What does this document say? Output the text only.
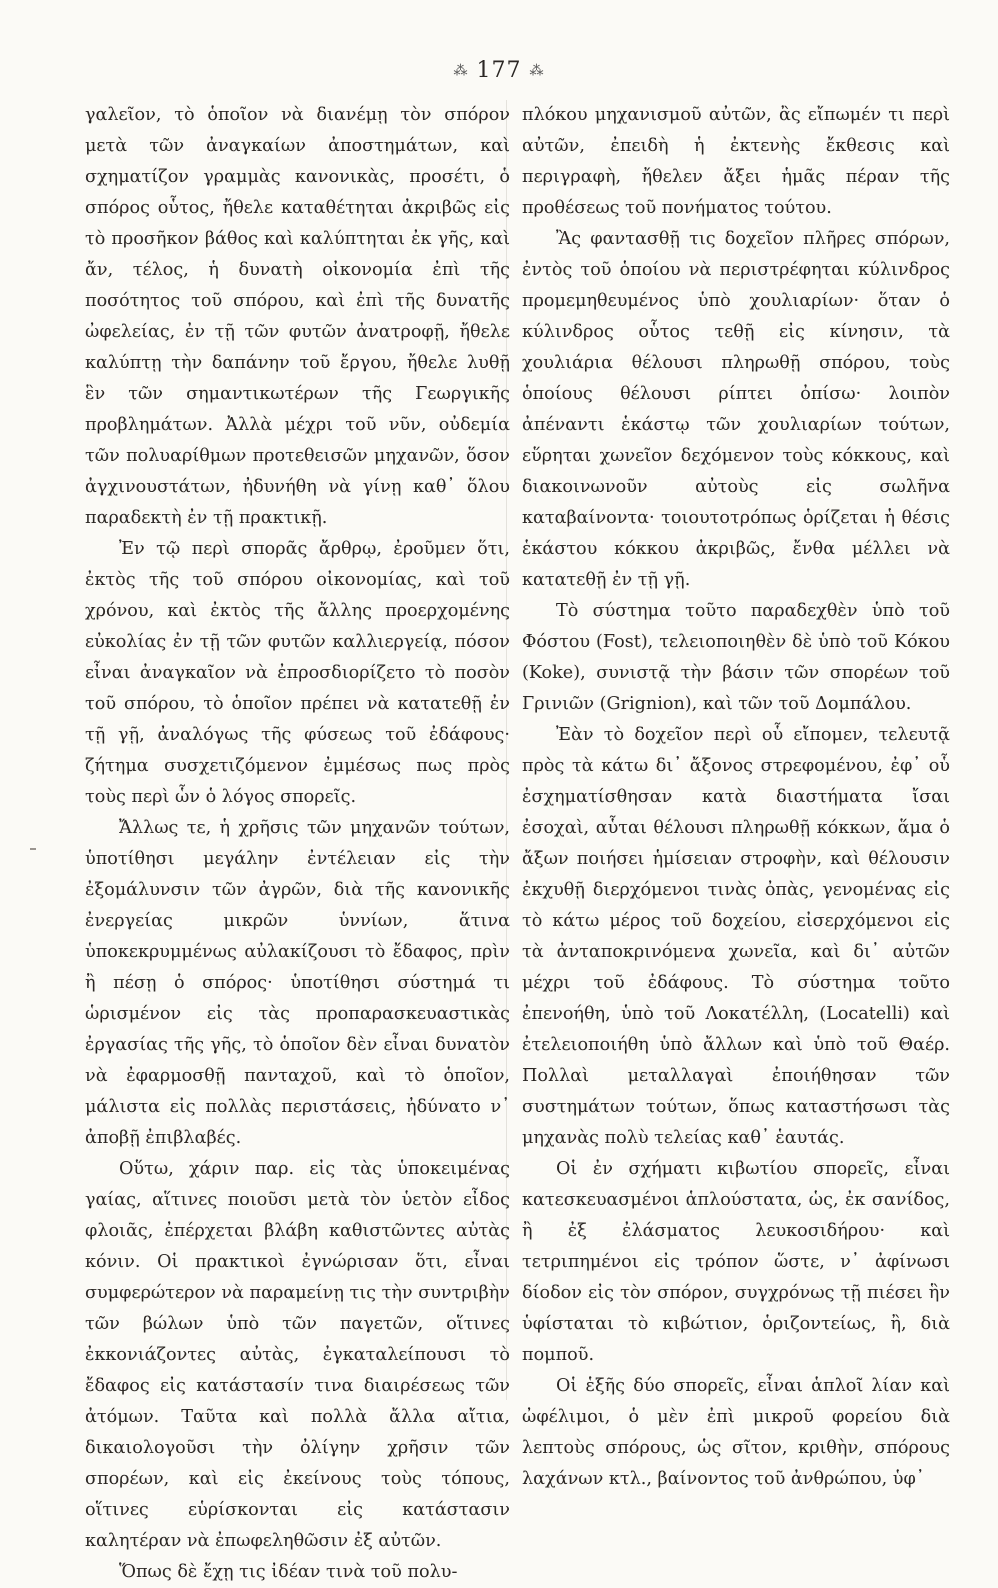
⁂ 177 ⁂

γαλεῖον, τὸ ὁποῖον νὰ διανέμῃ τὸν σπόρον μετὰ τῶν ἀναγκαίων ἀποστημάτων, καὶ σχηματίζον γραμμὰς κανονικὰς, προσέτι, ὁ σπόρος οὗτος, ἤθελε καταθέτηται ἀκριβῶς εἰς τὸ προσῆκον βάθος καὶ καλύπτηται ἐκ γῆς, καὶ ἄν, τέλος, ἡ δυνατὴ οἰκονομία ἐπὶ τῆς ποσότητος τοῦ σπόρου, καὶ ἐπὶ τῆς δυνατῆς ὠφελείας, ἐν τῇ τῶν φυτῶν ἀνατροφῇ, ἤθελε καλύπτῃ τὴν δαπάνην τοῦ ἔργου, ἤθελε λυθῇ ἓν τῶν σημαντικωτέρων τῆς Γεωργικῆς προβλημάτων. Ἀλλὰ μέχρι τοῦ νῦν, οὐδεμία τῶν πολυαρίθμων προτεθεισῶν μηχανῶν, ὅσον ἀγχινουστάτων, ἠδυνήθη νὰ γίνῃ καθ᾿ ὅλου παραδεκτὴ ἐν τῇ πρακτικῇ.

Ἐν τῷ περὶ σπορᾶς ἄρθρῳ, ἐροῦμεν ὅτι, ἐκτὸς τῆς τοῦ σπόρου οἰκονομίας, καὶ τοῦ χρόνου, καὶ ἐκτὸς τῆς ἄλλης προερχομένης εὐκολίας ἐν τῇ τῶν φυτῶν καλλιεργείᾳ, πόσον εἶναι ἀναγκαῖον νὰ ἐπροσδιορίζετο τὸ ποσὸν τοῦ σπόρου, τὸ ὁποῖον πρέπει νὰ κατατεθῇ ἐν τῇ γῇ, ἀναλόγως τῆς φύσεως τοῦ ἐδάφους· ζήτημα συσχετιζόμενον ἐμμέσως πως πρὸς τοὺς περὶ ὧν ὁ λόγος σπορεῖς.

Ἄλλως τε, ἡ χρῆσις τῶν μηχανῶν τούτων, ὑποτίθησι μεγάλην ἐντέλειαν εἰς τὴν ἐξομάλυνσιν τῶν ἀγρῶν, διὰ τῆς κανονικῆς ἐνεργείας μικρῶν ὑννίων, ἅτινα ὑποκεκρυμμένως αὐλακίζουσι τὸ ἔδαφος, πρὶν ἢ πέσῃ ὁ σπόρος· ὑποτίθησι σύστημά τι ὡρισμένον εἰς τὰς προπαρασκευαστικὰς ἐργασίας τῆς γῆς, τὸ ὁποῖον δὲν εἶναι δυνατὸν νὰ ἐφαρμοσθῇ πανταχοῦ, καὶ τὸ ὁποῖον, μάλιστα εἰς πολλὰς περιστάσεις, ἠδύνατο ν᾿ ἀποβῇ ἐπιβλαβές.

Οὕτω, χάριν παρ. εἰς τὰς ὑποκειμένας γαίας, αἵτινες ποιοῦσι μετὰ τὸν ὑετὸν εἶδος φλοιᾶς, ἐπέρχεται βλάβη καθιστῶντες αὐτὰς κόνιν. Οἱ πρακτικοὶ ἐγνώρισαν ὅτι, εἶναι συμφερώτερον νὰ παραμείνῃ τις τὴν συντριβὴν τῶν βώλων ὑπὸ τῶν παγετῶν, οἵτινες ἐκκονιάζοντες αὐτὰς, ἐγκαταλείπουσι τὸ ἔδαφος εἰς κατάστασίν τινα διαιρέσεως τῶν ἀτόμων. Ταῦτα καὶ πολλὰ ἄλλα αἴτια, δικαιολογοῦσι τὴν ὀλίγην χρῆσιν τῶν σπορέων, καὶ εἰς ἐκείνους τοὺς τόπους, οἵτινες εὑρίσκονται εἰς κατάστασιν καλητέραν νὰ ἐπωφεληθῶσιν ἐξ αὐτῶν.

Ὅπως δὲ ἔχῃ τις ἰδέαν τινὰ τοῦ πολυ-

πλόκου μηχανισμοῦ αὐτῶν, ἂς εἴπωμέν τι περὶ αὐτῶν, ἐπειδὴ ἡ ἐκτενὴς ἔκθεσις καὶ περιγραφὴ, ἤθελεν ἄξει ἡμᾶς πέραν τῆς προθέσεως τοῦ πονήματος τούτου.

Ἂς φαντασθῇ τις δοχεῖον πλῆρες σπόρων, ἐντὸς τοῦ ὁποίου νὰ περιστρέφηται κύλινδρος προμεμηθευμένος ὑπὸ χουλιαρίων· ὅταν ὁ κύλινδρος οὗτος τεθῇ εἰς κίνησιν, τὰ χουλιάρια θέλουσι πληρωθῇ σπόρου, τοὺς ὁποίους θέλουσι ρίπτει ὀπίσω· λοιπὸν ἀπέναντι ἑκάστῳ τῶν χουλιαρίων τούτων, εὕρηται χωνεῖον δεχόμενον τοὺς κόκκους, καὶ διακοινωνοῦν αὐτοὺς εἰς σωλῆνα καταβαίνοντα· τοιουτοτρόπως ὁρίζεται ἡ θέσις ἑκάστου κόκκου ἀκριβῶς, ἔνθα μέλλει νὰ κατατεθῇ ἐν τῇ γῇ.

Τὸ σύστημα τοῦτο παραδεχθὲν ὑπὸ τοῦ Φόστου (Fost), τελειοποιηθὲν δὲ ὑπὸ τοῦ Κόκου (Koke), συνιστᾷ τὴν βάσιν τῶν σπορέων τοῦ Γρινιῶν (Grignion), καὶ τῶν τοῦ Δομπάλου.

Ἐὰν τὸ δοχεῖον περὶ οὗ εἴπομεν, τελευτᾷ πρὸς τὰ κάτω δι᾿ ἄξονος στρεφομένου, ἐφ᾿ οὗ ἐσχηματίσθησαν κατὰ διαστήματα ἴσαι ἐσοχαὶ, αὗται θέλουσι πληρωθῇ κόκκων, ἅμα ὁ ἄξων ποιήσει ἡμίσειαν στροφὴν, καὶ θέλουσιν ἐκχυθῇ διερχόμενοι τινὰς ὀπὰς, γενομένας εἰς τὸ κάτω μέρος τοῦ δοχείου, εἰσερχόμενοι εἰς τὰ ἀνταποκρινόμενα χωνεῖα, καὶ δι᾿ αὐτῶν μέχρι τοῦ ἐδάφους. Τὸ σύστημα τοῦτο ἐπενοήθη, ὑπὸ τοῦ Λοκατέλλη, (Locatelli) καὶ ἐτελειοποιήθη ὑπὸ ἄλλων καὶ ὑπὸ τοῦ Θαέρ. Πολλαὶ μεταλλαγαὶ ἐποιήθησαν τῶν συστημάτων τούτων, ὅπως καταστήσωσι τὰς μηχανὰς πολὺ τελείας καθ᾿ ἑαυτάς.

Οἱ ἐν σχήματι κιβωτίου σπορεῖς, εἶναι κατεσκευασμένοι ἁπλούστατα, ὡς, ἐκ σανίδος, ἢ ἐξ ἐλάσματος λευκοσιδήρου· καὶ τετριπημένοι εἰς τρόπον ὥστε, ν᾿ ἀφίνωσι δίοδον εἰς τὸν σπόρον, συγχρόνως τῇ πιέσει ἣν ὑφίσταται τὸ κιβώτιον, ὁριζοντείως, ἢ, διὰ πομποῦ.

Οἱ ἑξῆς δύο σπορεῖς, εἶναι ἁπλοῖ λίαν καὶ ὠφέλιμοι, ὁ μὲν ἐπὶ μικροῦ φορείου διὰ λεπτοὺς σπόρους, ὡς σῖτον, κριθὴν, σπόρους λαχάνων κτλ., βαίνοντος τοῦ ἀνθρώπου, ὑφ᾿
